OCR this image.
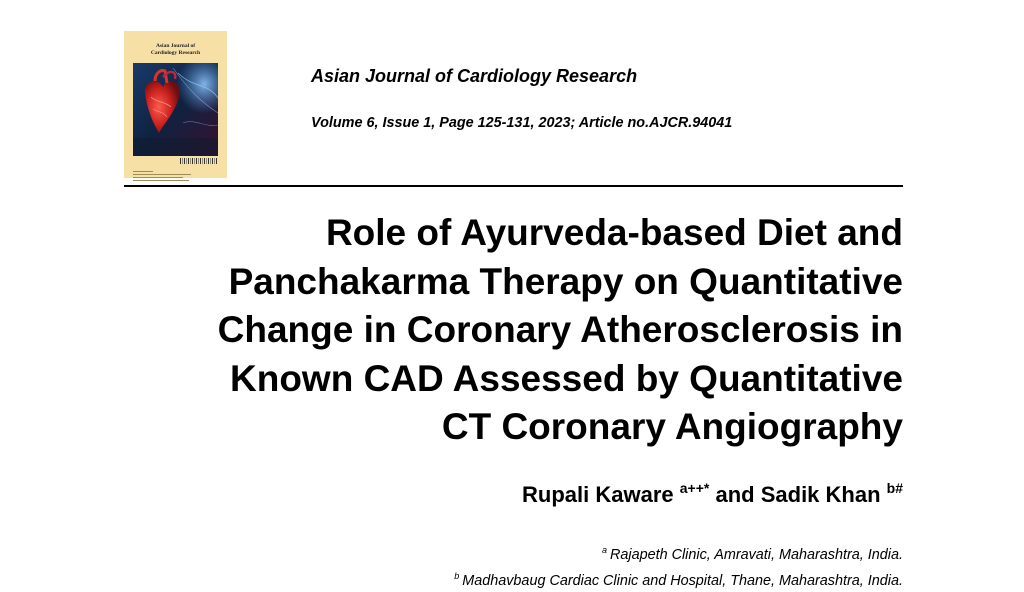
Asian Journal of
Cardiology Research
Asian Journal of Cardiology Research
Volume 6, Issue 1, Page 125-131, 2023; Article no.AJCR.94041
Role of Ayurveda-based Diet and
Panchakarma Therapy on Quantitative
Change in Coronary Atherosclerosis in
Known CAD Assessed by Quantitative
CT Coronary Angiography
Rupali Kaware $^{a++*}$ and Sadik Khan $^{b\#}$
$^a$ Rajapeth Clinic, Amravati, Maharashtra, India.
$^b$ Madhavbaug Cardiac Clinic and Hospital, Thane, Maharashtra, India.
